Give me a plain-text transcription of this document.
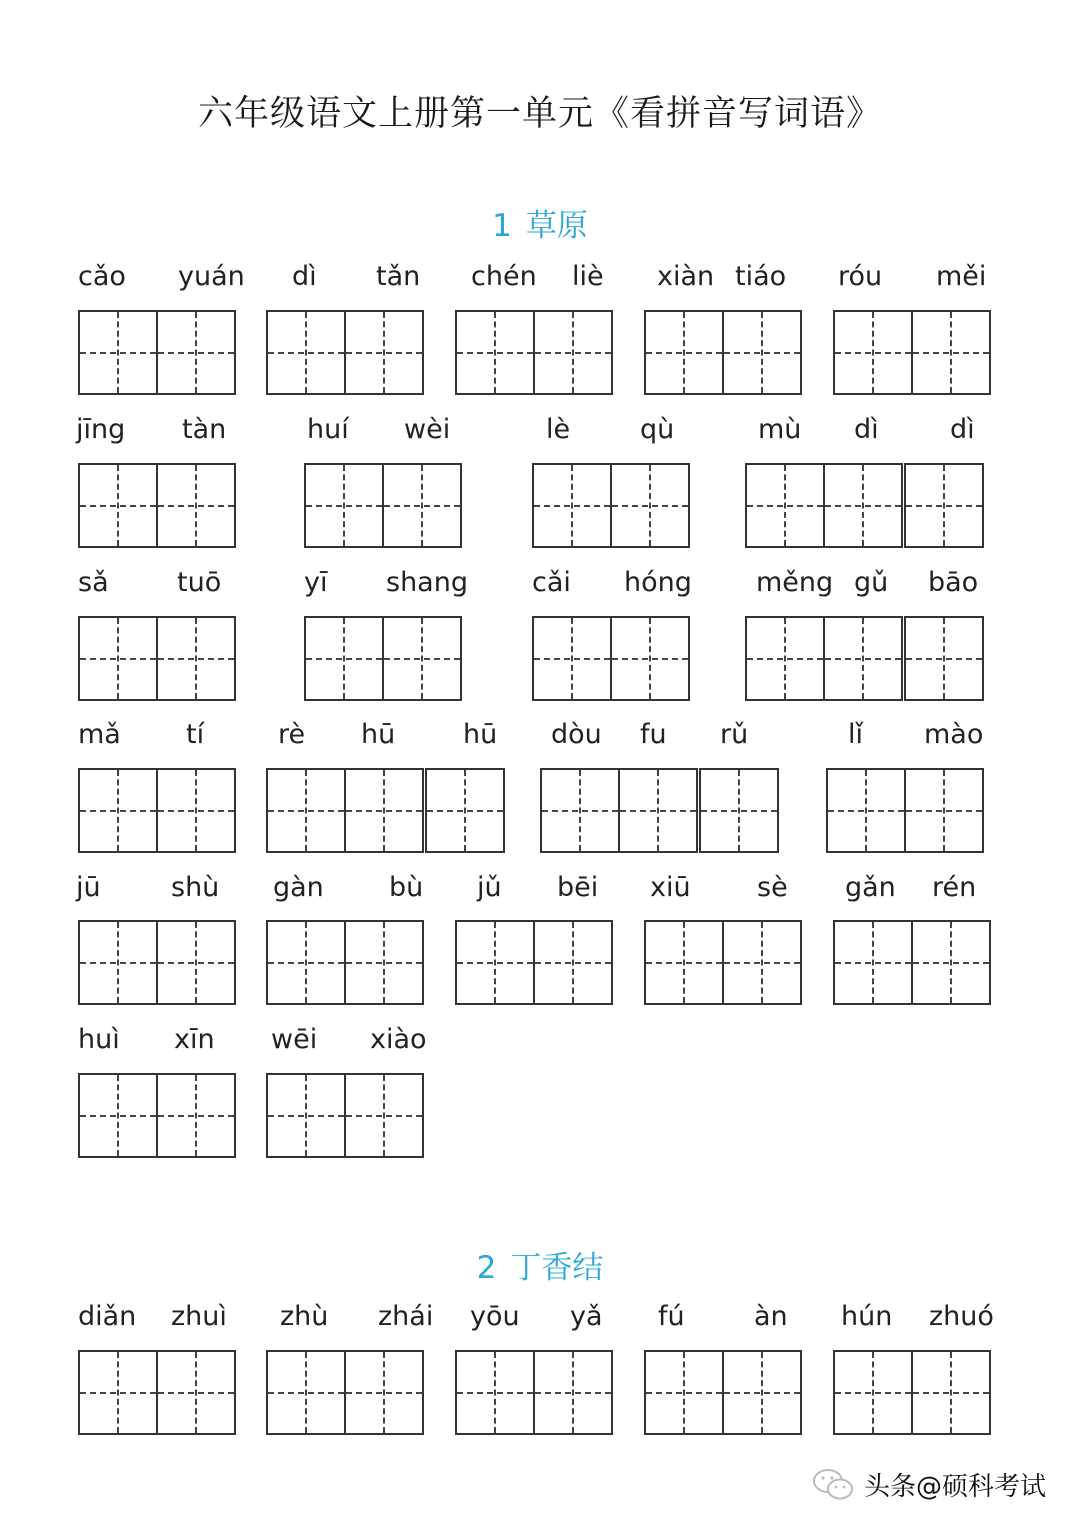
六年级语文上册第一单元《看拼音写词语》
1 草原
cǎo yuán dì tǎn chén liè xiàn tiáo róu měi
jīng tàn	huí wèi	lè	qù	mù dì	dì
sǎ	tuō	yī shang cǎi hóng měng gǔ bāo
mǎ tí	rè hū	hū dòu fu rǔ	lǐ mào
jū	shù gàn bù jǔ bēi xiū sè gǎn rén
huì xīn wēi xiào
2 丁香结
diǎn zhuì zhù zhái yōu yǎ fú	àn hún zhuó
头条@硕科考试
